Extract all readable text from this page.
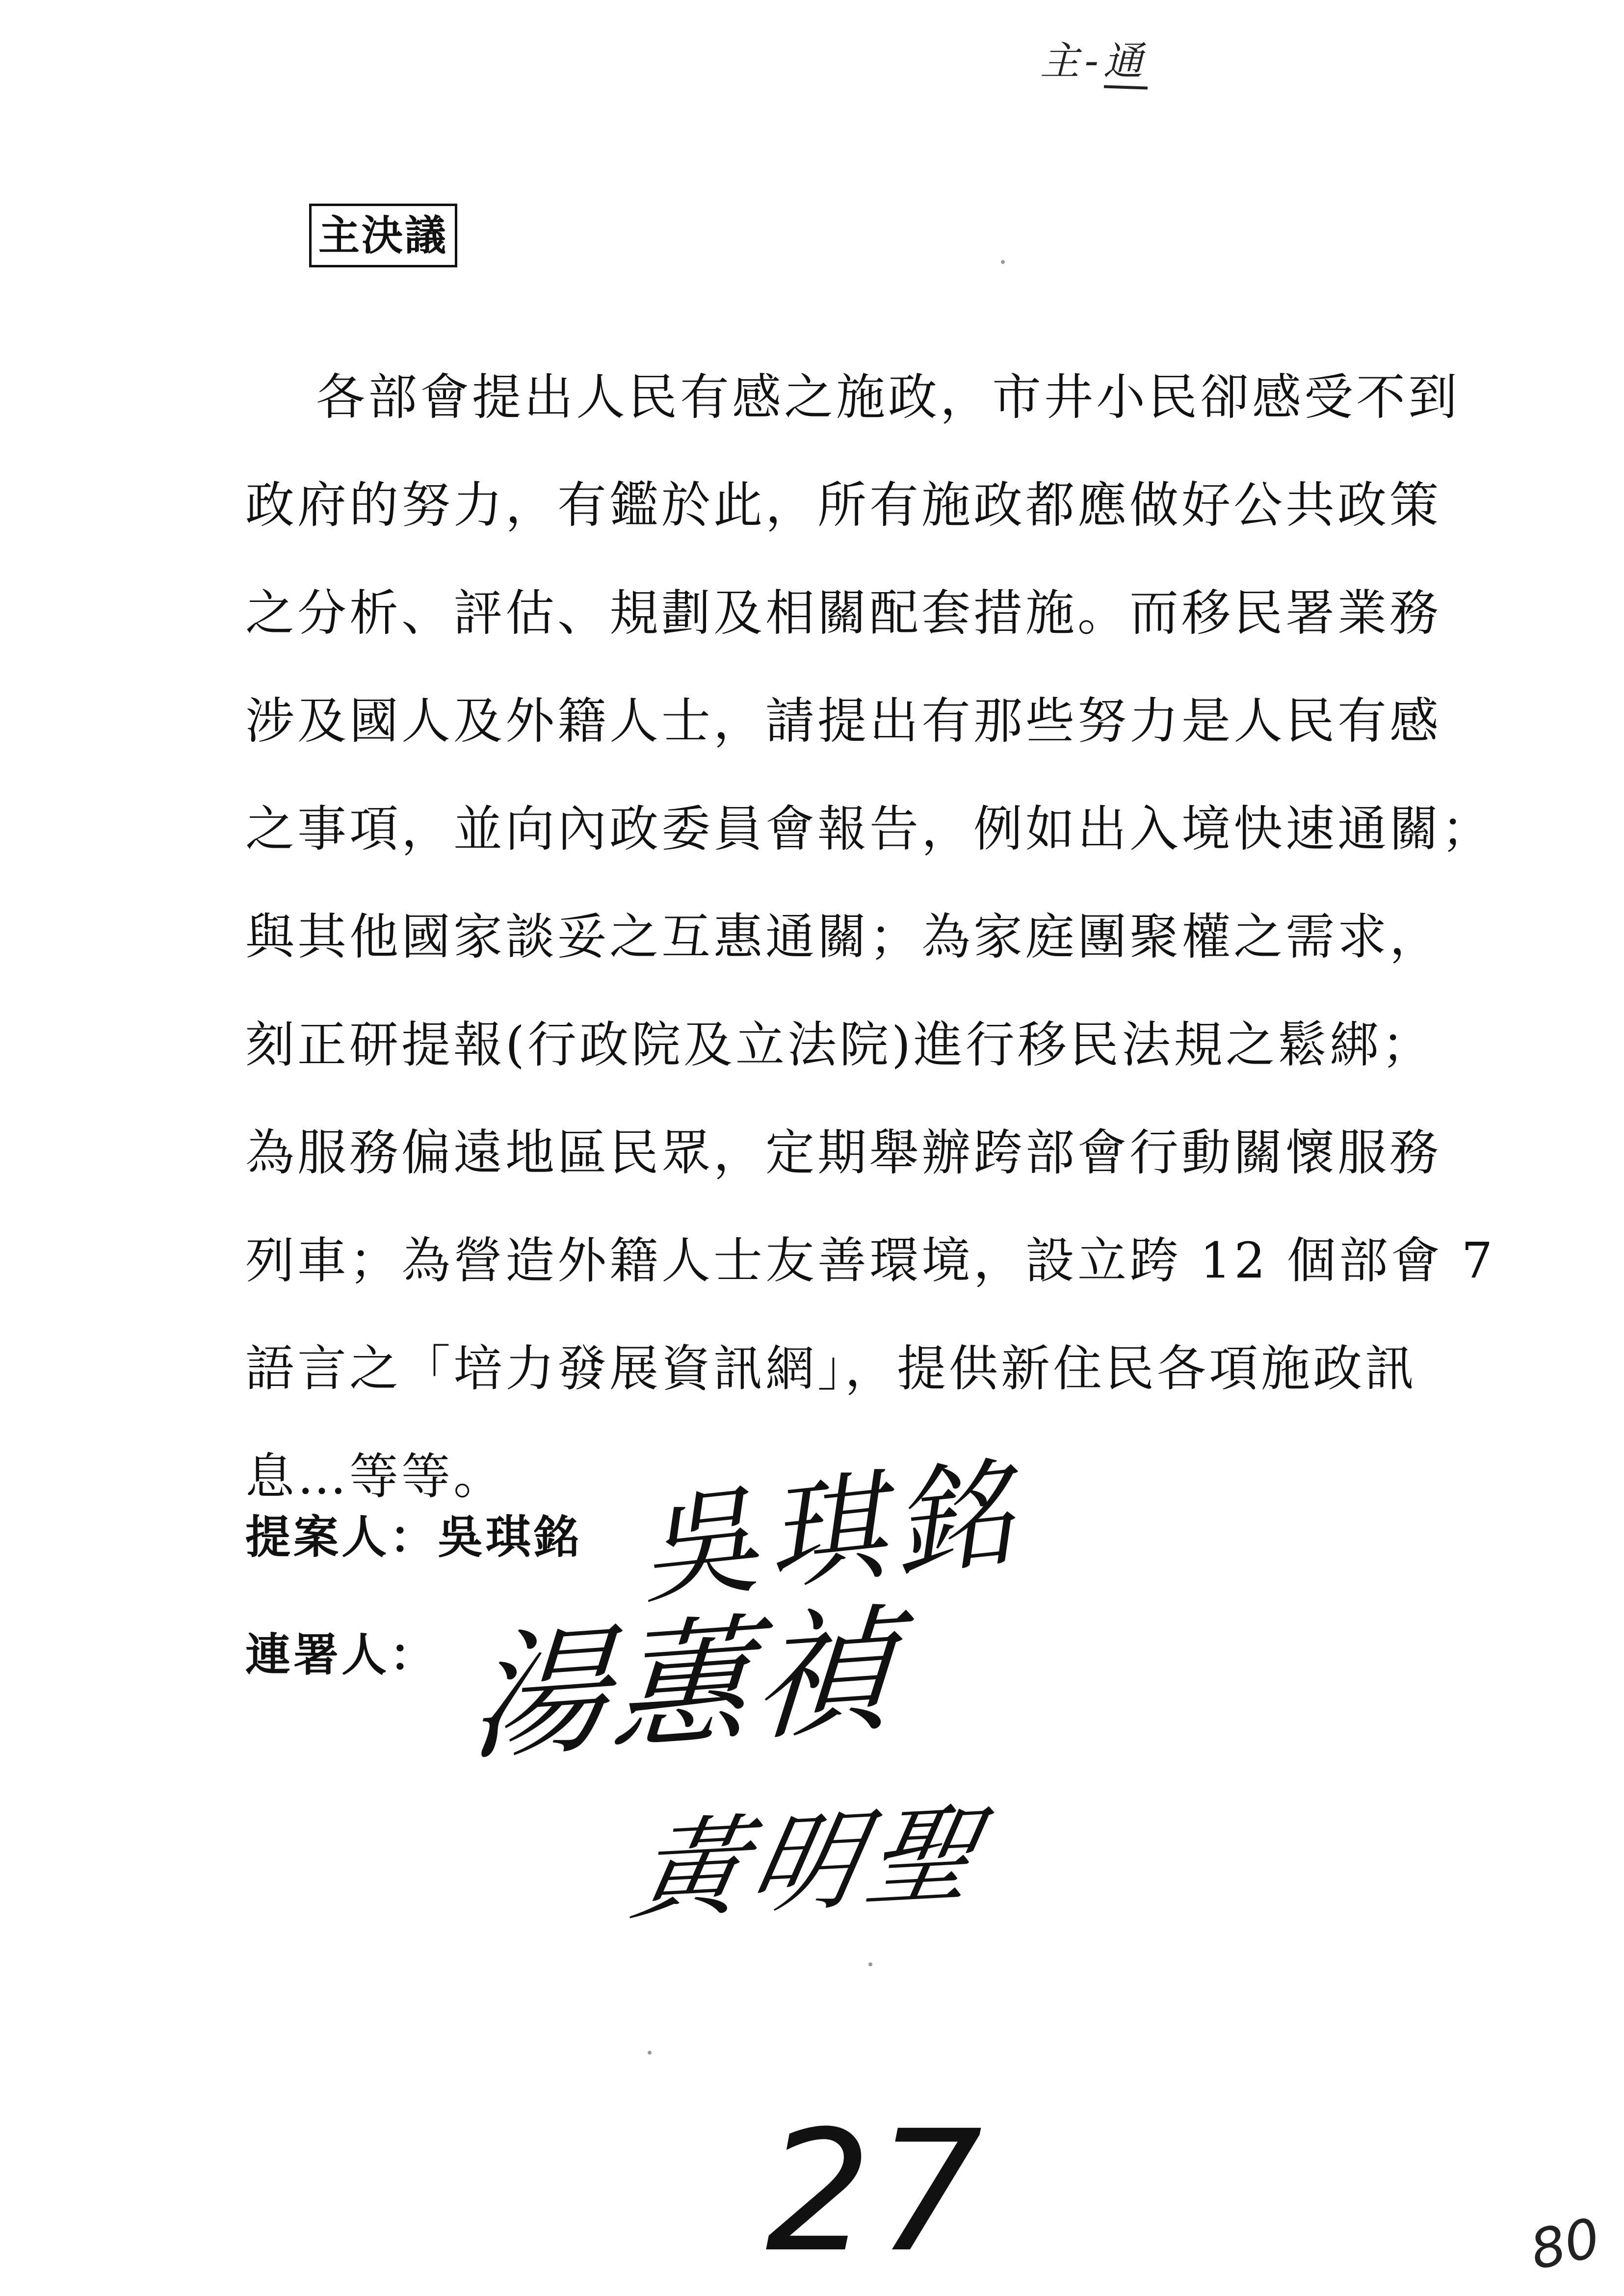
主-通
主決議
各部會提出人民有感之施政，市井小民卻感受不到
政府的努力，有鑑於此，所有施政都應做好公共政策
之分析、評估、規劃及相關配套措施。而移民署業務
涉及國人及外籍人士，請提出有那些努力是人民有感
之事項，並向內政委員會報告，例如出入境快速通關；
與其他國家談妥之互惠通關；為家庭團聚權之需求，
刻正研提報(行政院及立法院)進行移民法規之鬆綁；
為服務偏遠地區民眾，定期舉辦跨部會行動關懷服務
列車；為營造外籍人士友善環境，設立跨 12 個部會 7
語言之「培力發展資訊網」，提供新住民各項施政訊
息…等等。
提案人：吳琪銘 吳琪銘
連署人： 湯蕙禎
黃明聖
27	80
